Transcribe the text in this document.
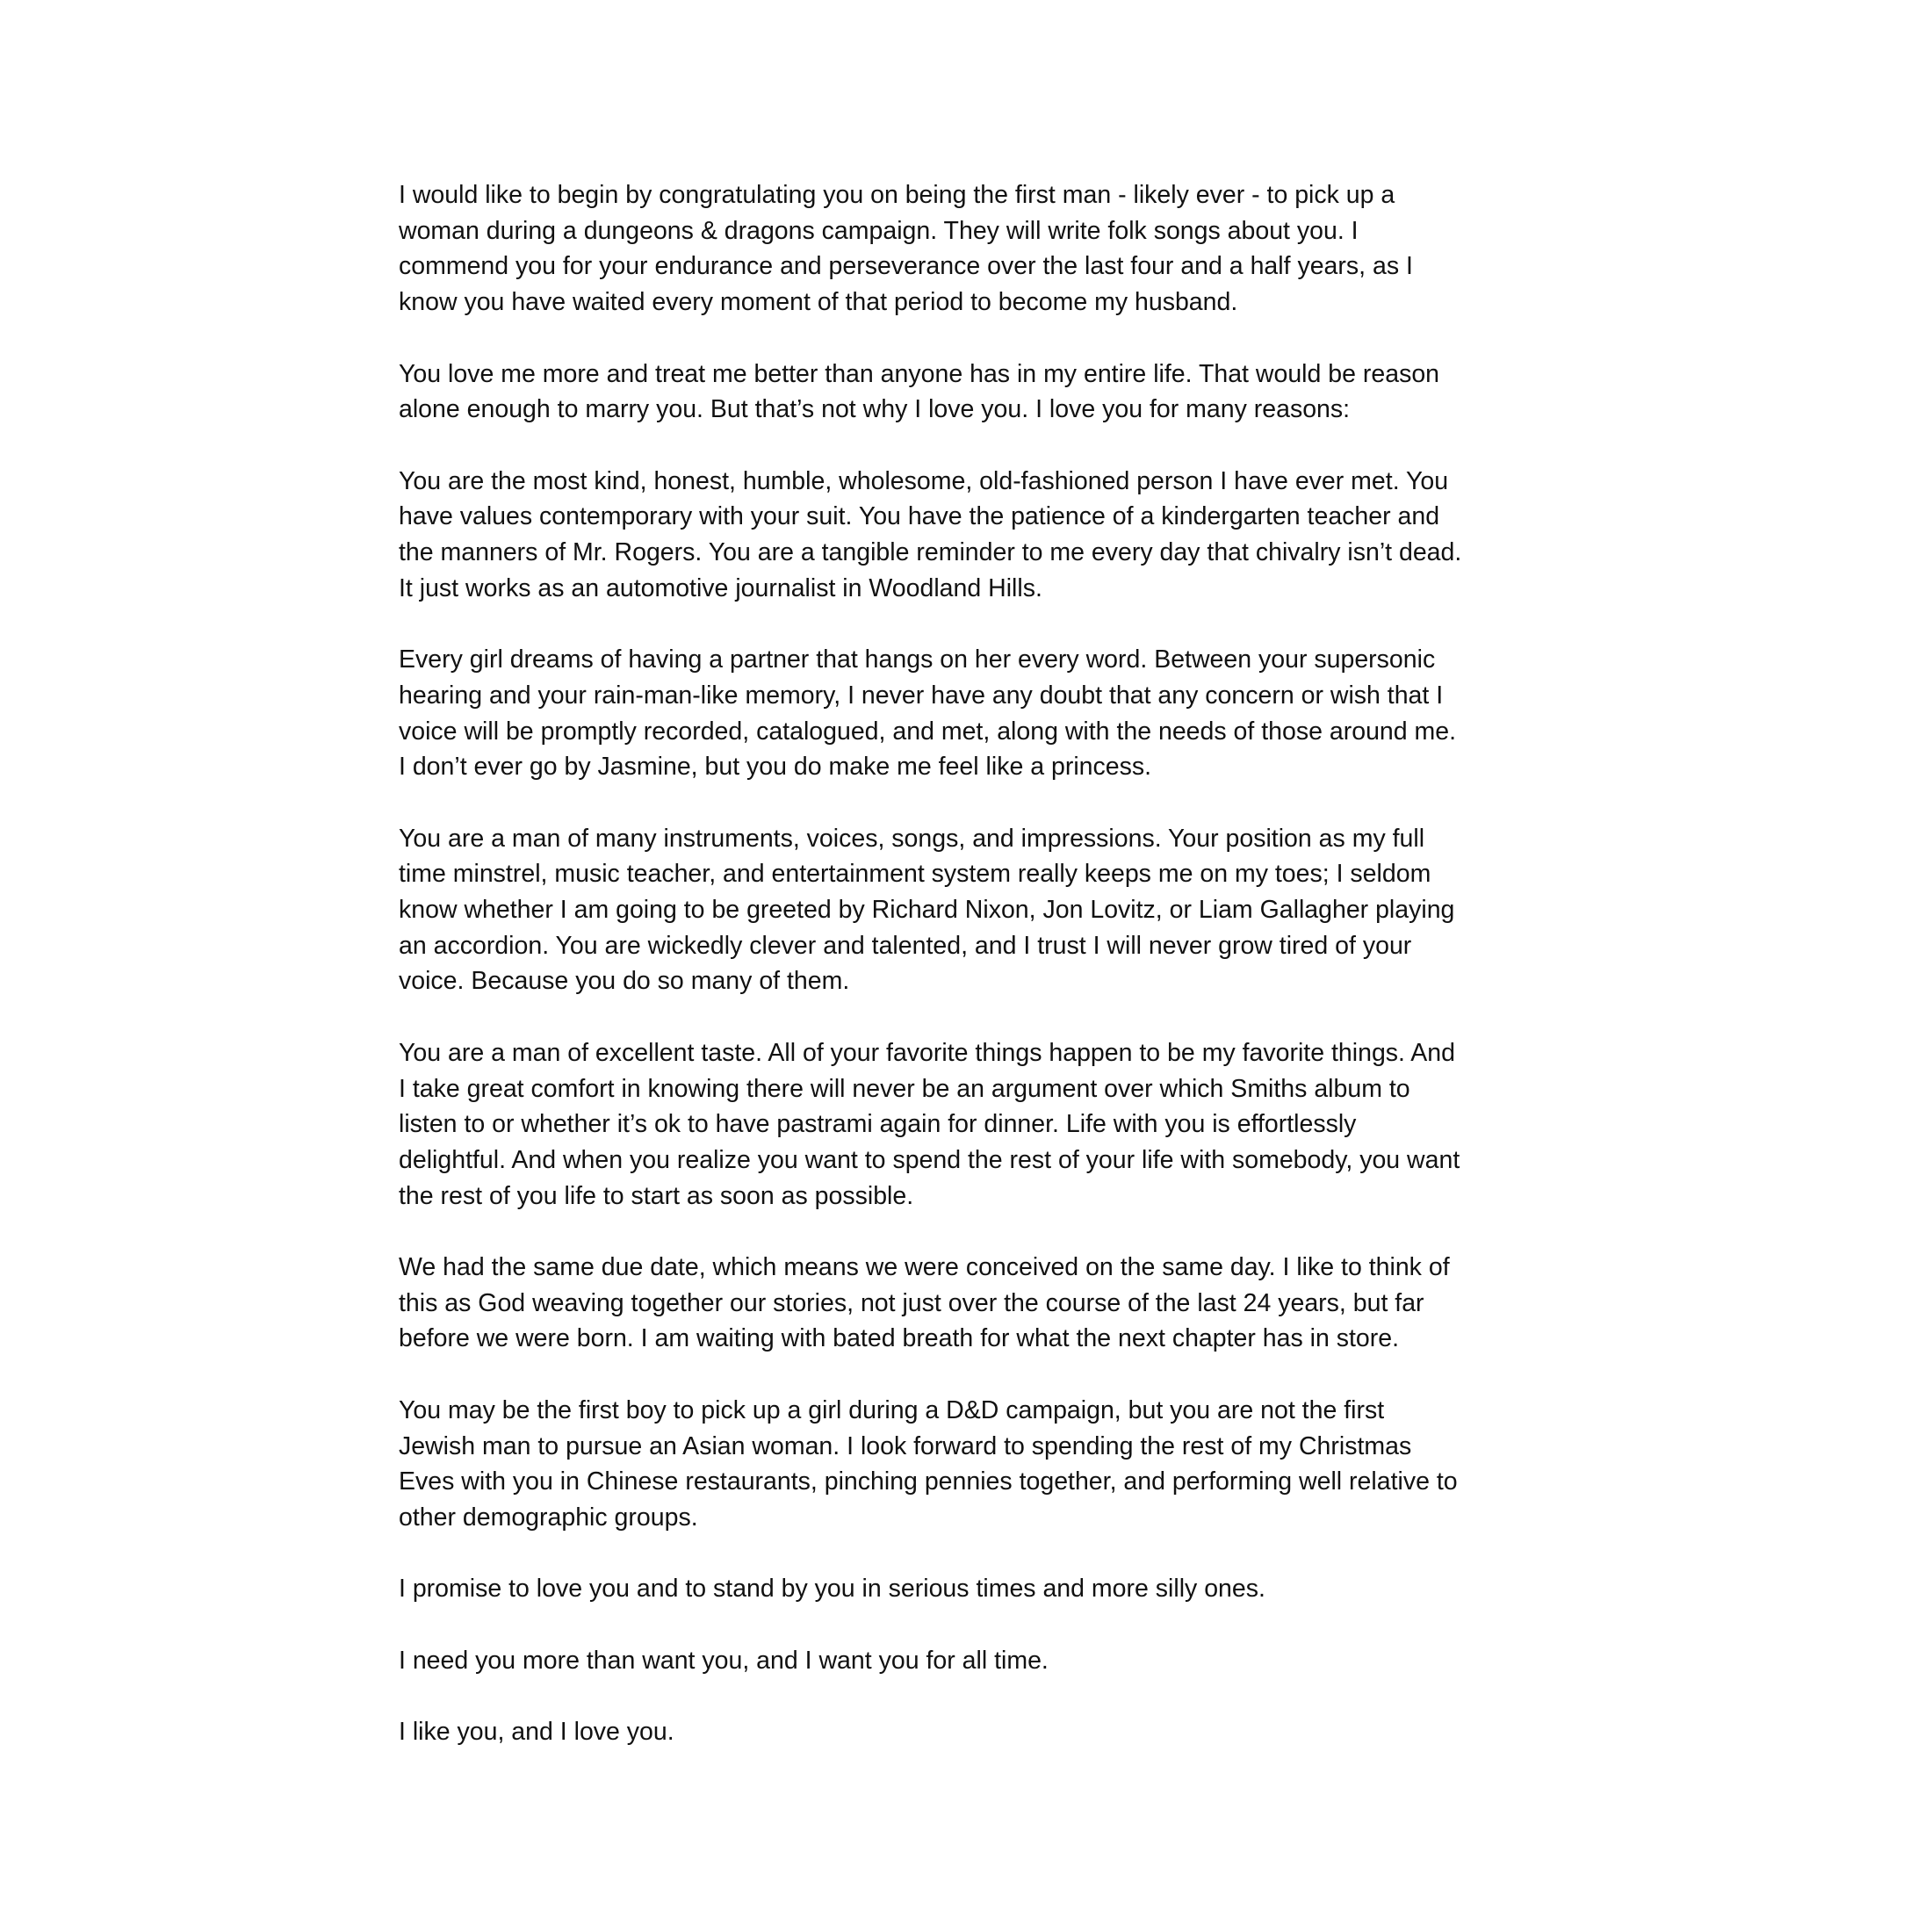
I would like to begin by congratulating you on being the first man - likely ever - to pick up a
woman during a dungeons & dragons campaign. They will write folk songs about you. I
commend you for your endurance and perseverance over the last four and a half years, as I
know you have waited every moment of that period to become my husband.

You love me more and treat me better than anyone has in my entire life. That would be reason
alone enough to marry you. But that’s not why I love you. I love you for many reasons:

You are the most kind, honest, humble, wholesome, old-fashioned person I have ever met. You
have values contemporary with your suit. You have the patience of a kindergarten teacher and
the manners of Mr. Rogers. You are a tangible reminder to me every day that chivalry isn’t dead.
It just works as an automotive journalist in Woodland Hills.

Every girl dreams of having a partner that hangs on her every word. Between your supersonic
hearing and your rain-man-like memory, I never have any doubt that any concern or wish that I
voice will be promptly recorded, catalogued, and met, along with the needs of those around me.
I don’t ever go by Jasmine, but you do make me feel like a princess.

You are a man of many instruments, voices, songs, and impressions. Your position as my full
time minstrel, music teacher, and entertainment system really keeps me on my toes; I seldom
know whether I am going to be greeted by Richard Nixon, Jon Lovitz, or Liam Gallagher playing
an accordion. You are wickedly clever and talented, and I trust I will never grow tired of your
voice. Because you do so many of them.

You are a man of excellent taste. All of your favorite things happen to be my favorite things. And
I take great comfort in knowing there will never be an argument over which Smiths album to
listen to or whether it’s ok to have pastrami again for dinner. Life with you is effortlessly
delightful. And when you realize you want to spend the rest of your life with somebody, you want
the rest of you life to start as soon as possible.

We had the same due date, which means we were conceived on the same day. I like to think of
this as God weaving together our stories, not just over the course of the last 24 years, but far
before we were born. I am waiting with bated breath for what the next chapter has in store.

You may be the first boy to pick up a girl during a D&D campaign, but you are not the first
Jewish man to pursue an Asian woman. I look forward to spending the rest of my Christmas
Eves with you in Chinese restaurants, pinching pennies together, and performing well relative to
other demographic groups.

I promise to love you and to stand by you in serious times and more silly ones.

I need you more than want you, and I want you for all time.

I like you, and I love you.
